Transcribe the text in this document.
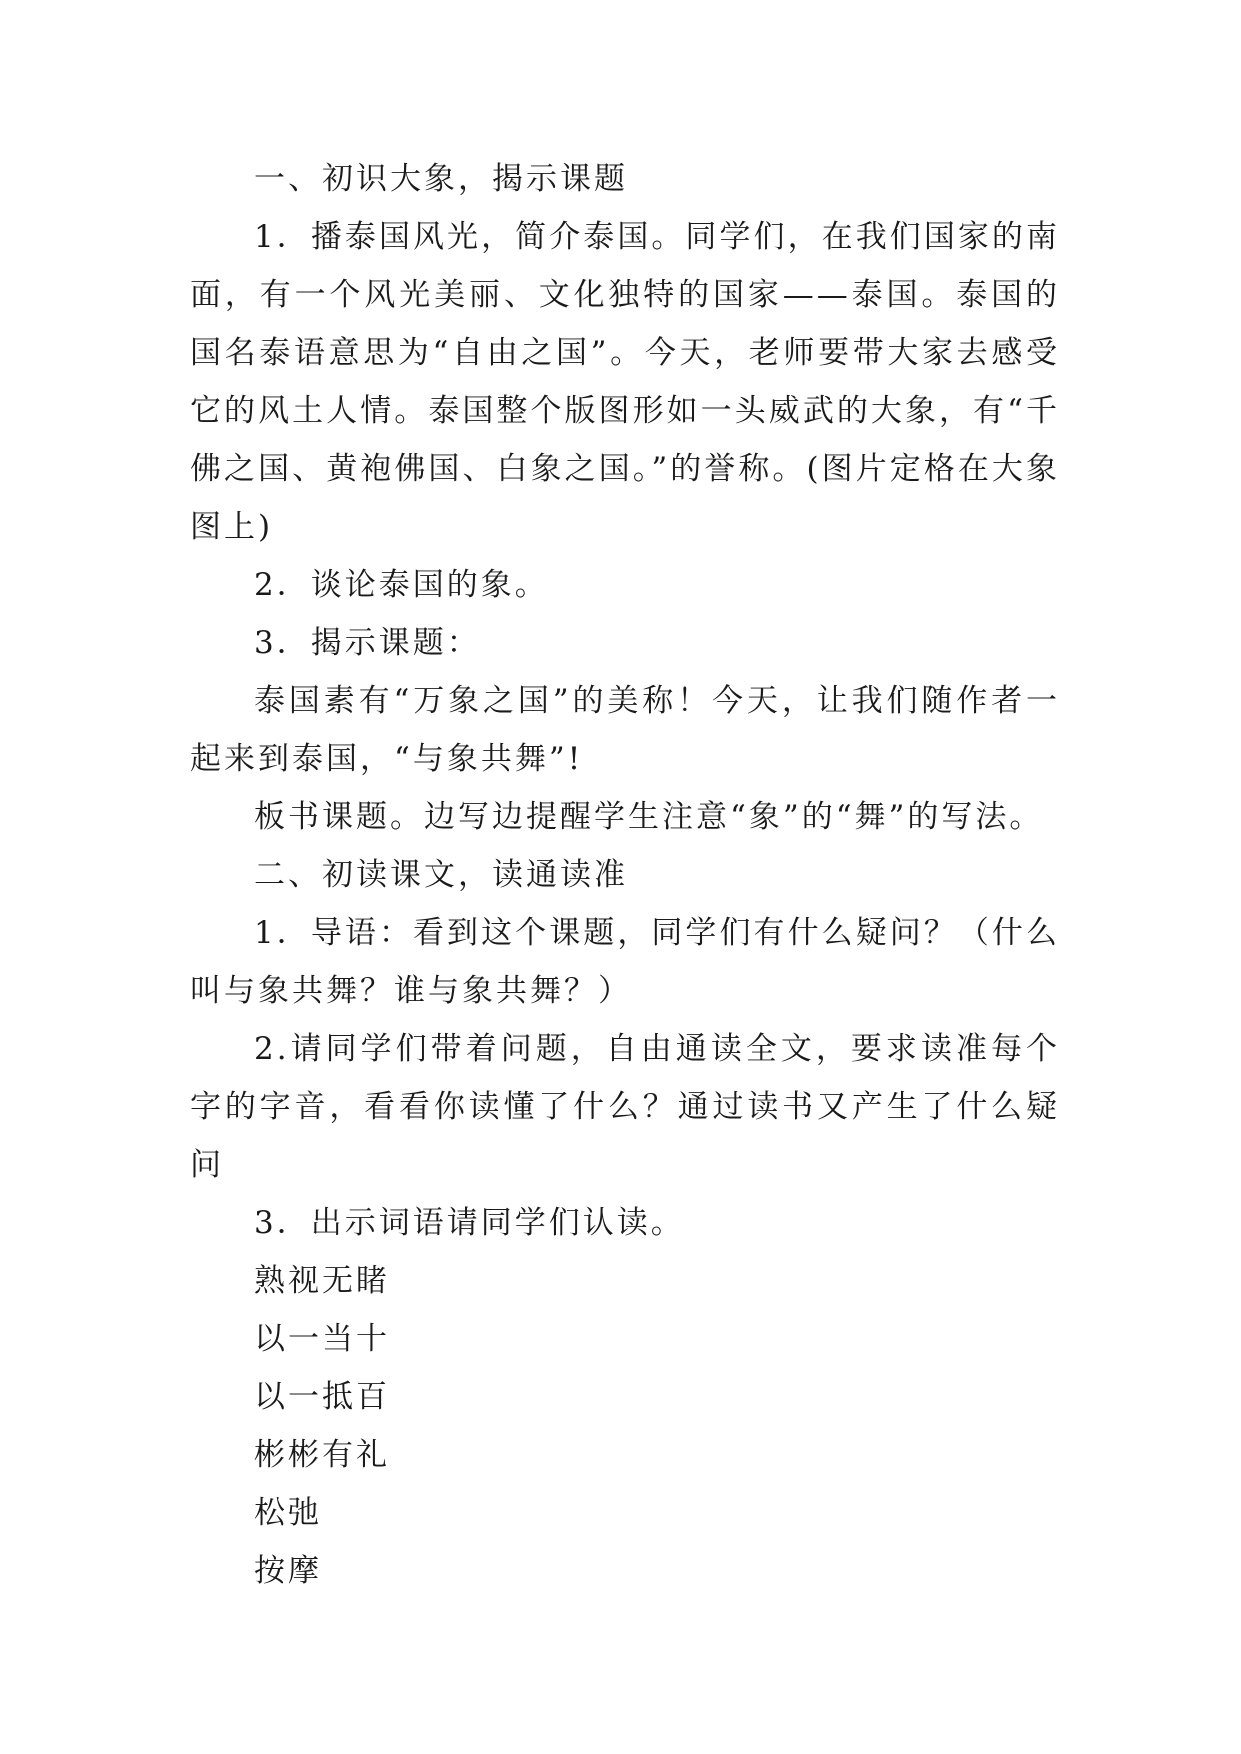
一、初识大象，揭示课题

1．播泰国风光，简介泰国。同学们，在我们国家的南面，有一个风光美丽、文化独特的国家——泰国。泰国的国名泰语意思为“自由之国”。今天，老师要带大家去感受它的风土人情。泰国整个版图形如一头威武的大象，有“千佛之国、黄袍佛国、白象之国。”的誉称。(图片定格在大象图上)

2．谈论泰国的象。

3．揭示课题：

泰国素有“万象之国”的美称！今天，让我们随作者一起来到泰国，“与象共舞”!

板书课题。边写边提醒学生注意“象”的“舞”的写法。

二、初读课文，读通读准

1．导语：看到这个课题，同学们有什么疑问？（什么叫与象共舞？谁与象共舞？）

2.请同学们带着问题，自由通读全文，要求读准每个字的字音，看看你读懂了什么？通过读书又产生了什么疑问

3．出示词语请同学们认读。

熟视无睹

以一当十

以一抵百

彬彬有礼

松弛

按摩
